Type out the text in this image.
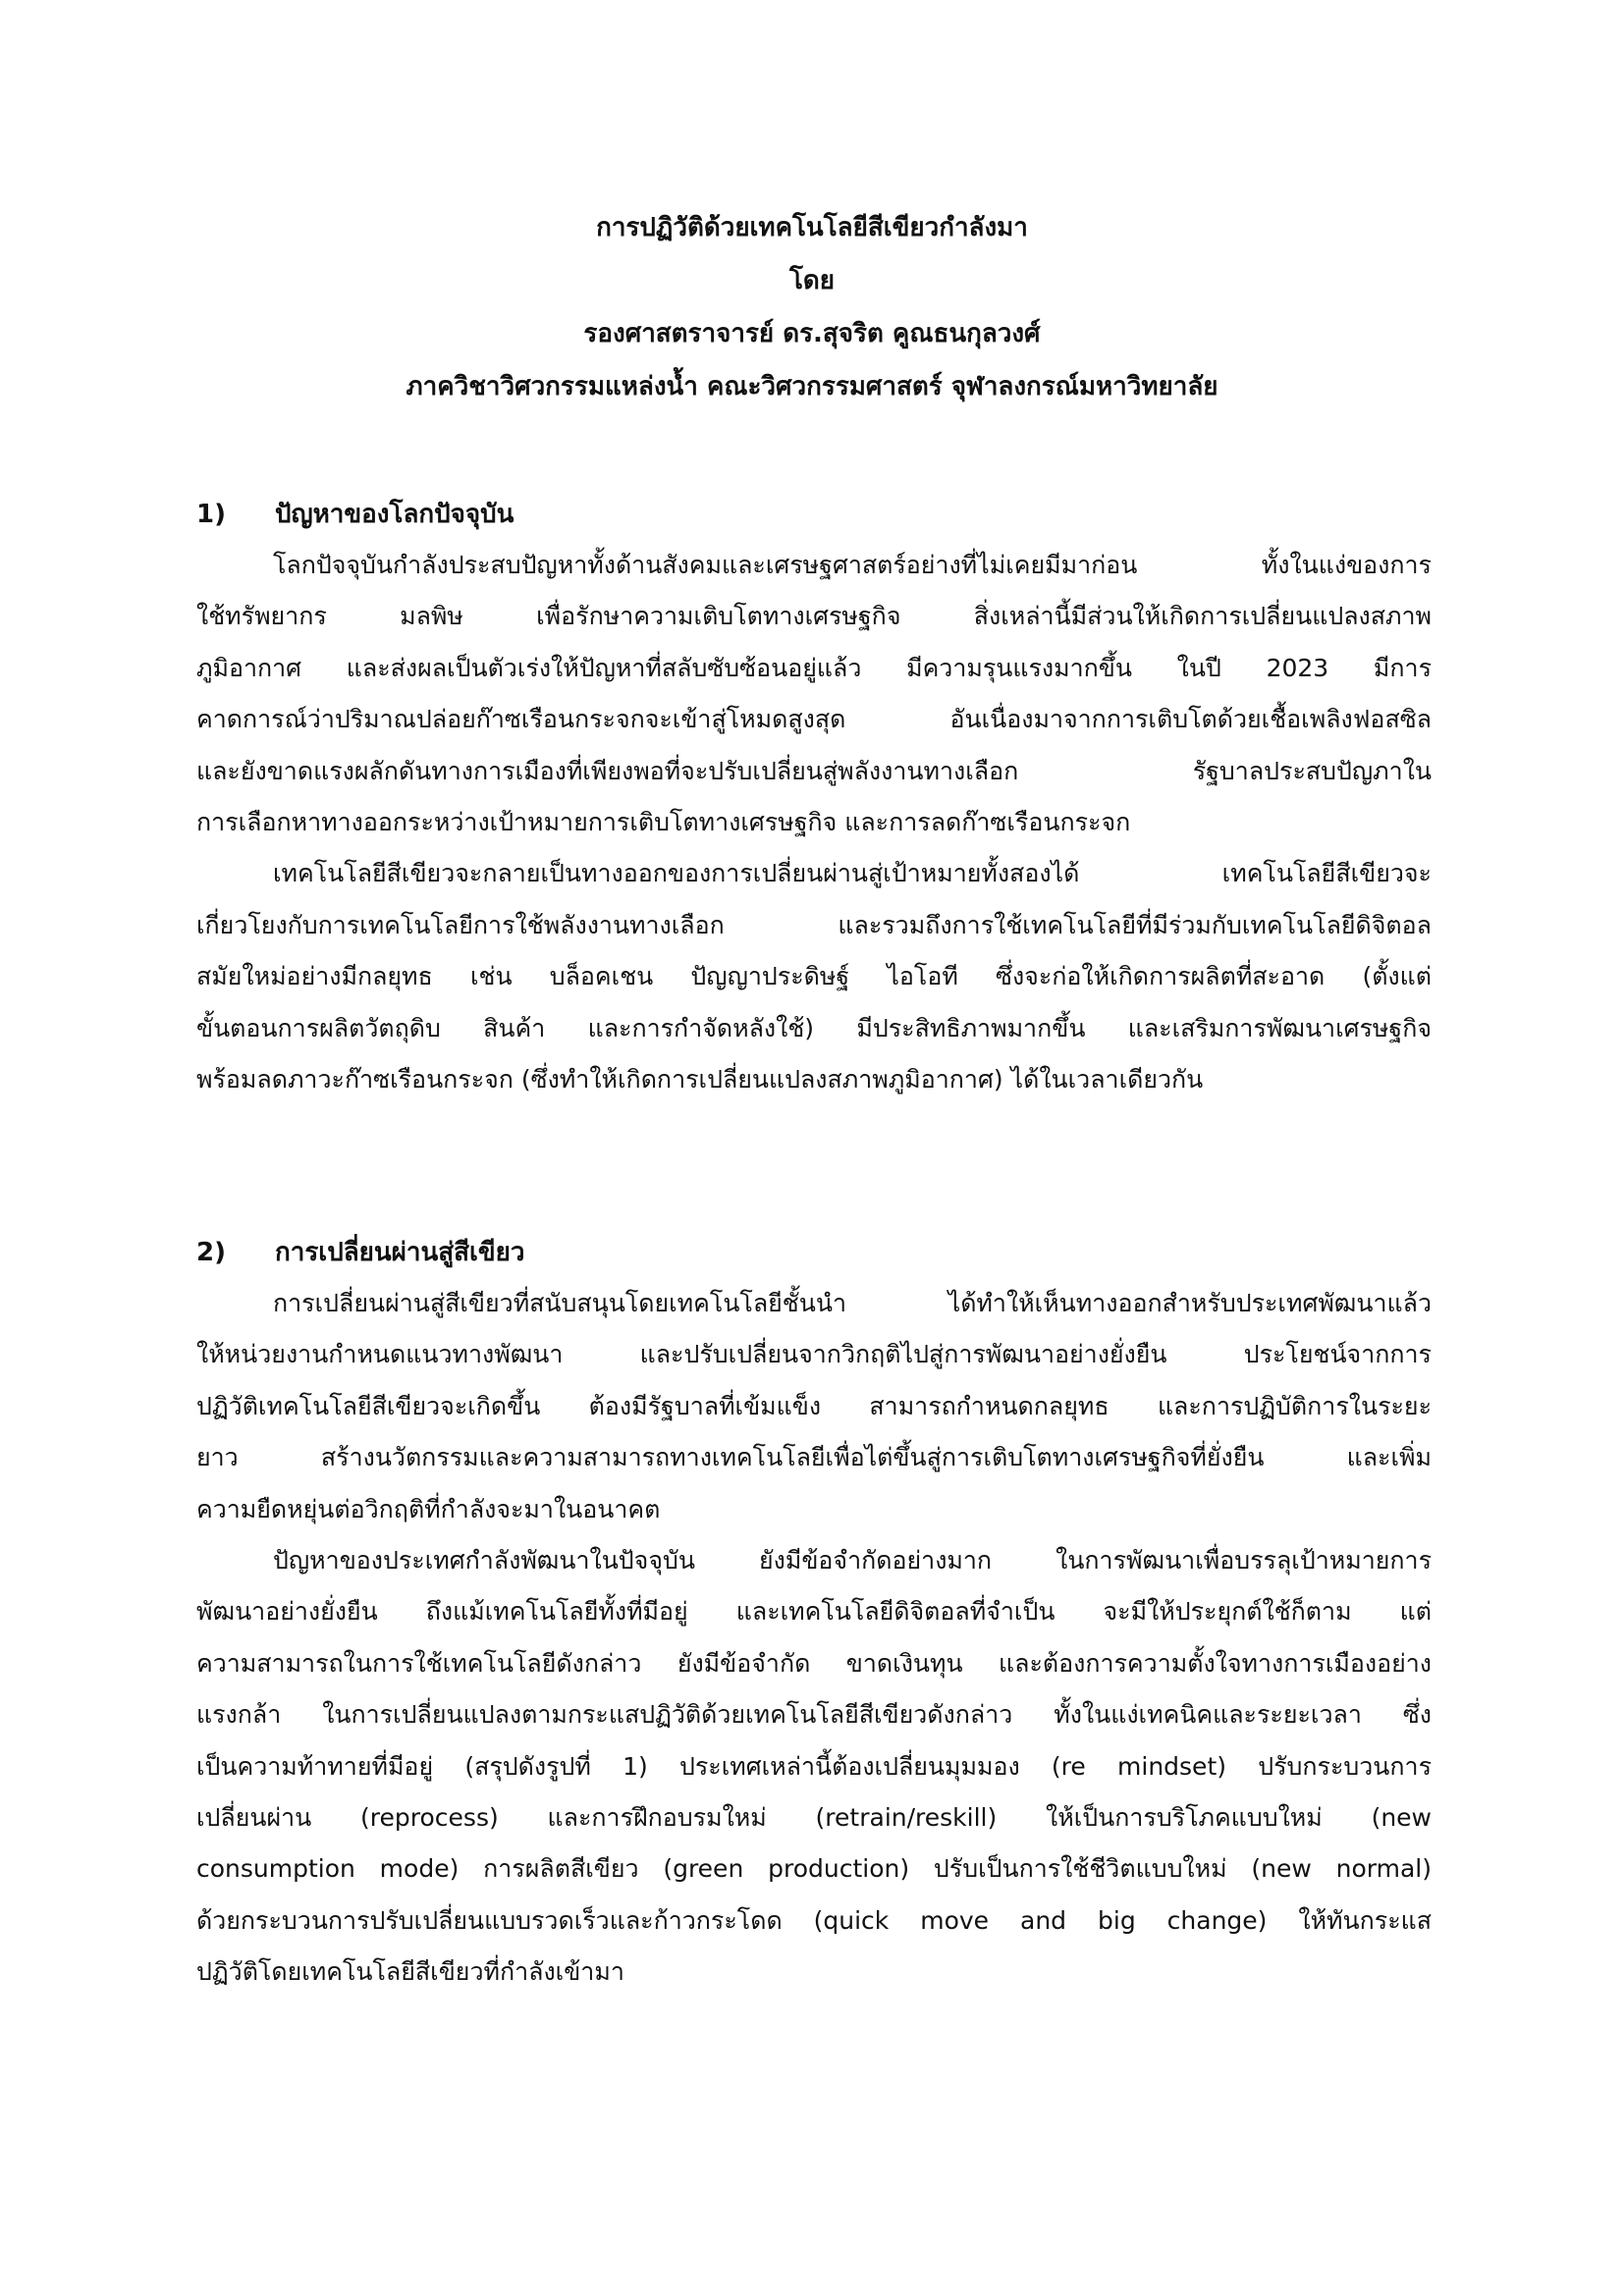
การปฏิวัติด้วยเทคโนโลยีสีเขียวกำลังมา
โดย
รองศาสตราจารย์ ดร.สุจริต คูณธนกุลวงศ์
ภาควิชาวิศวกรรมแหล่งน้ำ คณะวิศวกรรมศาสตร์ จุฬาลงกรณ์มหาวิทยาลัย
1) ปัญหาของโลกปัจจุบัน
โลกปัจจุบันกำลังประสบปัญหาทั้งด้านสังคมและเศรษฐศาสตร์อย่างที่ไม่เคยมีมาก่อน ทั้งในแง่ของการ
ใช้ทรัพยากร มลพิษ เพื่อรักษาความเติบโตทางเศรษฐกิจ สิ่งเหล่านี้มีส่วนให้เกิดการเปลี่ยนแปลงสภาพ
ภูมิอากาศ และส่งผลเป็นตัวเร่งให้ปัญหาที่สลับซับซ้อนอยู่แล้ว มีความรุนแรงมากขึ้น ในปี 2023 มีการ
คาดการณ์ว่าปริมาณปล่อยก๊าซเรือนกระจกจะเข้าสู่โหมดสูงสุด อันเนื่องมาจากการเติบโตด้วยเชื้อเพลิงฟอสซิล
และยังขาดแรงผลักดันทางการเมืองที่เพียงพอที่จะปรับเปลี่ยนสู่พลังงานทางเลือก รัฐบาลประสบปัญภาใน
การเลือกหาทางออกระหว่างเป้าหมายการเติบโตทางเศรษฐกิจ และการลดก๊าซเรือนกระจก
เทคโนโลยีสีเขียวจะกลายเป็นทางออกของการเปลี่ยนผ่านสู่เป้าหมายทั้งสองได้ เทคโนโลยีสีเขียวจะ
เกี่ยวโยงกับการเทคโนโลยีการใช้พลังงานทางเลือก และรวมถึงการใช้เทคโนโลยีที่มีร่วมกับเทคโนโลยีดิจิตอล
สมัยใหม่อย่างมีกลยุทธ เช่น บล็อคเชน ปัญญาประดิษฐ์ ไอโอที ซึ่งจะก่อให้เกิดการผลิตที่สะอาด (ตั้งแต่
ขั้นตอนการผลิตวัตถุดิบ สินค้า และการกำจัดหลังใช้) มีประสิทธิภาพมากขึ้น และเสริมการพัฒนาเศรษฐกิจ
พร้อมลดภาวะก๊าซเรือนกระจก (ซึ่งทำให้เกิดการเปลี่ยนแปลงสภาพภูมิอากาศ) ได้ในเวลาเดียวกัน
2) การเปลี่ยนผ่านสู่สีเขียว
การเปลี่ยนผ่านสู่สีเขียวที่สนับสนุนโดยเทคโนโลยีชั้นนำ ได้ทำให้เห็นทางออกสำหรับประเทศพัฒนาแล้ว
ให้หน่วยงานกำหนดแนวทางพัฒนา และปรับเปลี่ยนจากวิกฤติไปสู่การพัฒนาอย่างยั่งยืน ประโยชน์จากการ
ปฏิวัติเทคโนโลยีสีเขียวจะเกิดขึ้น ต้องมีรัฐบาลที่เข้มแข็ง สามารถกำหนดกลยุทธ และการปฏิบัติการในระยะ
ยาว สร้างนวัตกรรมและความสามารถทางเทคโนโลยีเพื่อไต่ขึ้นสู่การเติบโตทางเศรษฐกิจที่ยั่งยืน และเพิ่ม
ความยืดหยุ่นต่อวิกฤติที่กำลังจะมาในอนาคต
ปัญหาของประเทศกำลังพัฒนาในปัจจุบัน ยังมีข้อจำกัดอย่างมาก ในการพัฒนาเพื่อบรรลุเป้าหมายการ
พัฒนาอย่างยั่งยืน ถึงแม้เทคโนโลยีทั้งที่มีอยู่ และเทคโนโลยีดิจิตอลที่จำเป็น จะมีให้ประยุกต์ใช้ก็ตาม แต่
ความสามารถในการใช้เทคโนโลยีดังกล่าว ยังมีข้อจำกัด ขาดเงินทุน และต้องการความตั้งใจทางการเมืองอย่าง
แรงกล้า ในการเปลี่ยนแปลงตามกระแสปฏิวัติด้วยเทคโนโลยีสีเขียวดังกล่าว ทั้งในแง่เทคนิคและระยะเวลา ซึ่ง
เป็นความท้าทายที่มีอยู่ (สรุปดังรูปที่ 1) ประเทศเหล่านี้ต้องเปลี่ยนมุมมอง (re mindset) ปรับกระบวนการ
เปลี่ยนผ่าน (reprocess) และการฝึกอบรมใหม่ (retrain/reskill) ให้เป็นการบริโภคแบบใหม่ (new
consumption mode) การผลิตสีเขียว (green production) ปรับเป็นการใช้ชีวิตแบบใหม่ (new normal)
ด้วยกระบวนการปรับเปลี่ยนแบบรวดเร็วและก้าวกระโดด (quick move and big change) ให้ทันกระแส
ปฏิวัติโดยเทคโนโลยีสีเขียวที่กำลังเข้ามา
